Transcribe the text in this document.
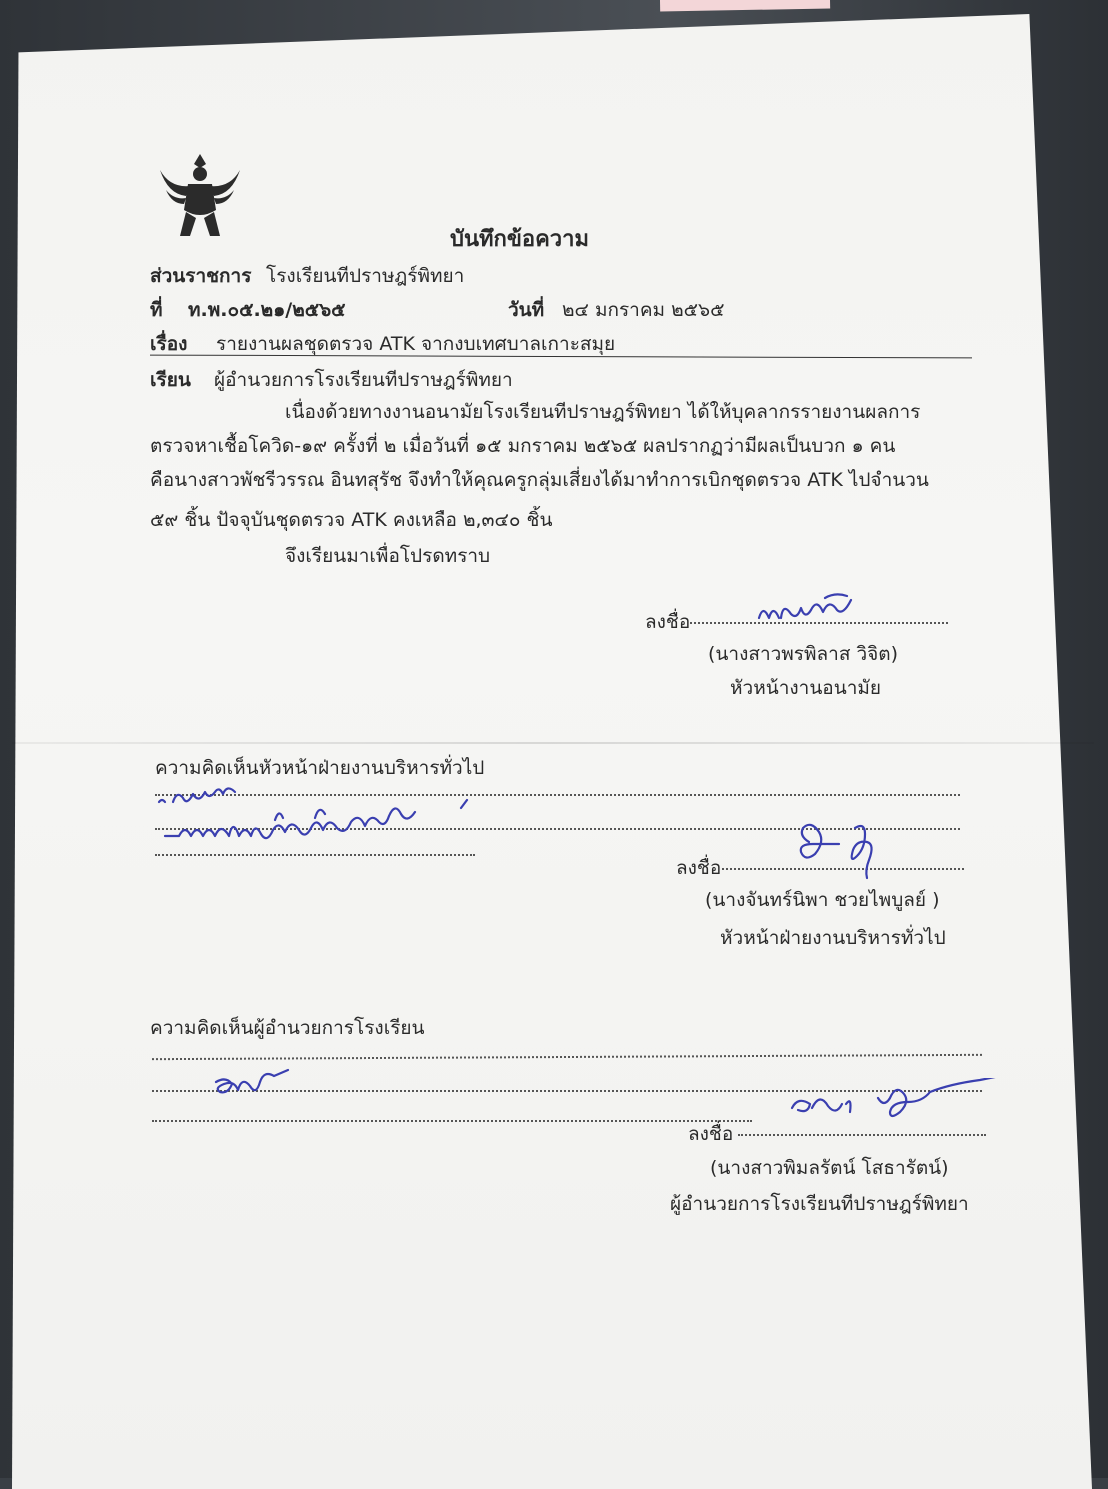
บันทึกข้อความ
ส่วนราชการ โรงเรียนทีปราษฎร์พิทยา
ที่ ท.พ.๐๕.๒๑/๒๕๖๕	วันที่ ๒๔ มกราคม ๒๕๖๕
เรื่อง รายงานผลชุดตรวจ ATK จากงบเทศบาลเกาะสมุย
เรียน ผู้อำนวยการโรงเรียนทีปราษฎร์พิทยา
เนื่องด้วยทางงานอนามัยโรงเรียนทีปราษฎร์พิทยา ได้ให้บุคลากรรายงานผลการ
ตรวจหาเชื้อโควิด-๑๙ ครั้งที่ ๒ เมื่อวันที่ ๑๕ มกราคม ๒๕๖๕ ผลปรากฏว่ามีผลเป็นบวก ๑ คน
คือนางสาวพัชรีวรรณ อินทสุรัช จึงทำให้คุณครูกลุ่มเสี่ยงได้มาทำการเบิกชุดตรวจ ATK ไปจำนวน
๕๙ ชิ้น ปัจจุบันชุดตรวจ ATK คงเหลือ ๒,๓๔๐ ชิ้น
จึงเรียนมาเพื่อโปรดทราบ
ลงชื่อ
(นางสาวพรพิลาส วิจิต)
หัวหน้างานอนามัย
ความคิดเห็นหัวหน้าฝ่ายงานบริหารทั่วไป
ลงชื่อ
(นางจันทร์นิพา ชวยไพบูลย์ )
หัวหน้าฝ่ายงานบริหารทั่วไป
ความคิดเห็นผู้อำนวยการโรงเรียน
ลงชื่อ
(นางสาวพิมลรัตน์ โสธารัตน์)
ผู้อำนวยการโรงเรียนทีปราษฎร์พิทยา
